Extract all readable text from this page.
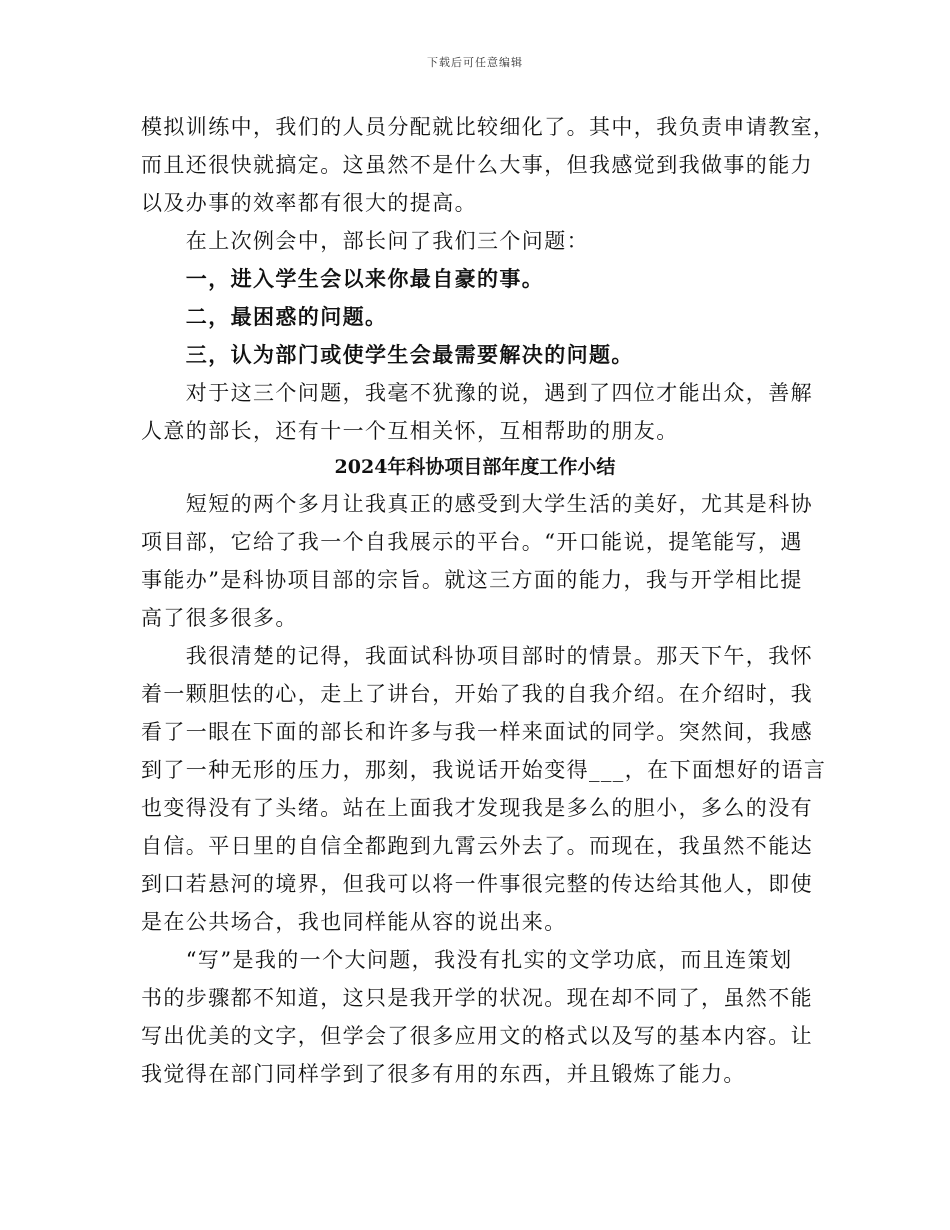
下载后可任意编辑
模拟训练中，我们的人员分配就比较细化了。其中，我负责申请教室，
而且还很快就搞定。这虽然不是什么大事，但我感觉到我做事的能力
以及办事的效率都有很大的提高。
　　在上次例会中，部长问了我们三个问题：
　　一，进入学生会以来你最自豪的事。
　　二，最困惑的问题。
　　三，认为部门或使学生会最需要解决的问题。
　　对于这三个问题，我毫不犹豫的说，遇到了四位才能出众，善解
人意的部长，还有十一个互相关怀，互相帮助的朋友。
2024年科协项目部年度工作小结
　　短短的两个多月让我真正的感受到大学生活的美好，尤其是科协
项目部，它给了我一个自我展示的平台。“开口能说，提笔能写，遇
事能办”是科协项目部的宗旨。就这三方面的能力，我与开学相比提
高了很多很多。
　　我很清楚的记得，我面试科协项目部时的情景。那天下午，我怀
着一颗胆怯的心，走上了讲台，开始了我的自我介绍。在介绍时，我
看了一眼在下面的部长和许多与我一样来面试的同学。突然间，我感
到了一种无形的压力，那刻，我说话开始变得___，在下面想好的语言
也变得没有了头绪。站在上面我才发现我是多么的胆小，多么的没有
自信。平日里的自信全都跑到九霄云外去了。而现在，我虽然不能达
到口若悬河的境界，但我可以将一件事很完整的传达给其他人，即使
是在公共场合，我也同样能从容的说出来。
　　“写”是我的一个大问题，我没有扎实的文学功底，而且连策划
书的步骤都不知道，这只是我开学的状况。现在却不同了，虽然不能
写出优美的文字，但学会了很多应用文的格式以及写的基本内容。让
我觉得在部门同样学到了很多有用的东西，并且锻炼了能力。
